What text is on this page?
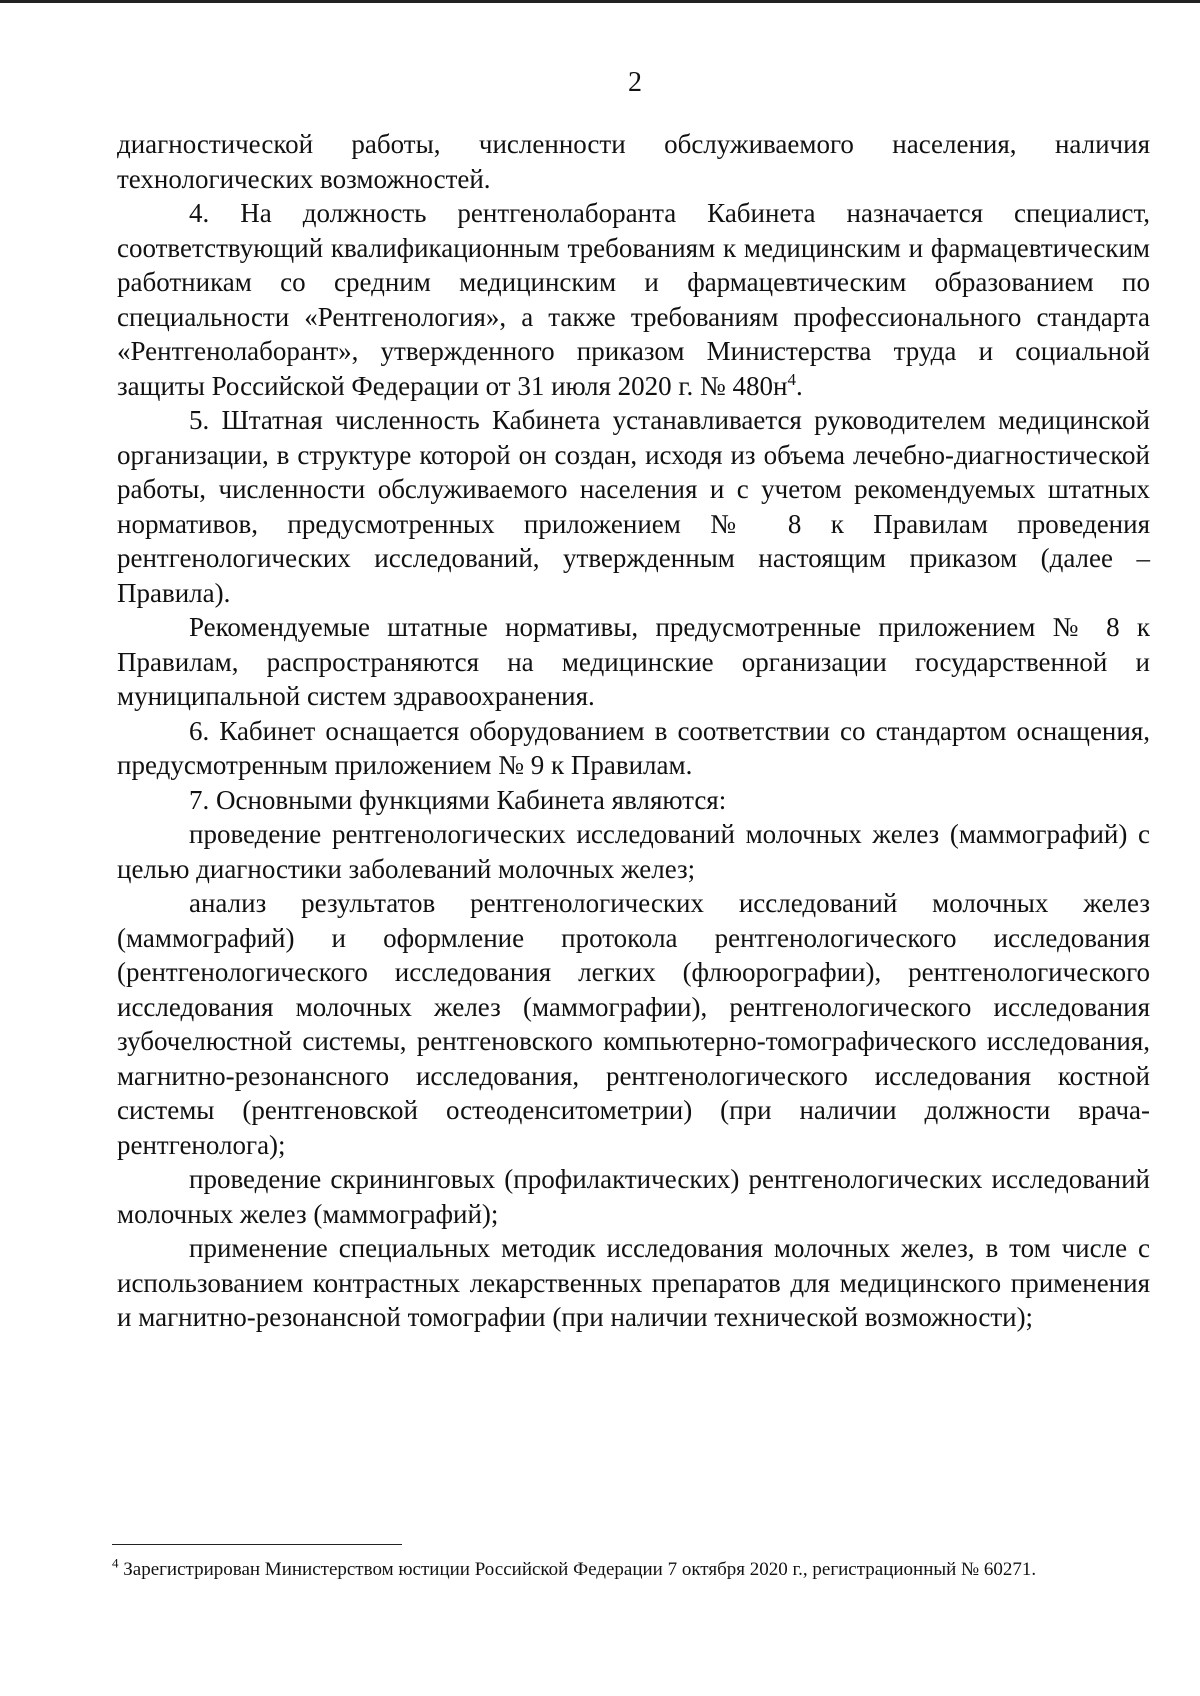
2

диагностической работы, численности обслуживаемого населения, наличия технологических возможностей.

4. На должность рентгенолаборанта Кабинета назначается специалист, соответствующий квалификационным требованиям к медицинским и фармацевтическим работникам со средним медицинским и фармацевтическим образованием по специальности «Рентгенология», а также требованиям профессионального стандарта «Рентгенолаборант», утвержденного приказом Министерства труда и социальной защиты Российской Федерации от 31 июля 2020 г. № $480н^4$.

5. Штатная численность Кабинета устанавливается руководителем медицинской организации, в структуре которой он создан, исходя из объема лечебно-диагностической работы, численности обслуживаемого населения и с учетом рекомендуемых штатных нормативов, предусмотренных приложением № 8 к Правилам проведения рентгенологических исследований, утвержденным настоящим приказом (далее – Правила).

Рекомендуемые штатные нормативы, предусмотренные приложением № 8 к Правилам, распространяются на медицинские организации государственной и муниципальной систем здравоохранения.

6. Кабинет оснащается оборудованием в соответствии со стандартом оснащения, предусмотренным приложением № 9 к Правилам.

7. Основными функциями Кабинета являются:

проведение рентгенологических исследований молочных желез (маммографий) с целью диагностики заболеваний молочных желез;

анализ результатов рентгенологических исследований молочных желез (маммографий) и оформление протокола рентгенологического исследования (рентгенологического исследования легких (флюорографии), рентгенологического исследования молочных желез (маммографии), рентгенологического исследования зубочелюстной системы, рентгеновского компьютерно-томографического исследования, магнитно-резонансного исследования, рентгенологического исследования костной системы (рентгеновской остеоденситометрии) (при наличии должности врача-рентгенолога);

проведение скрининговых (профилактических) рентгенологических исследований молочных желез (маммографий);

применение специальных методик исследования молочных желез, в том числе с использованием контрастных лекарственных препаратов для медицинского применения и магнитно-резонансной томографии (при наличии технической возможности);

$^4$ Зарегистрирован Министерством юстиции Российской Федерации 7 октября 2020 г., регистрационный № 60271.
